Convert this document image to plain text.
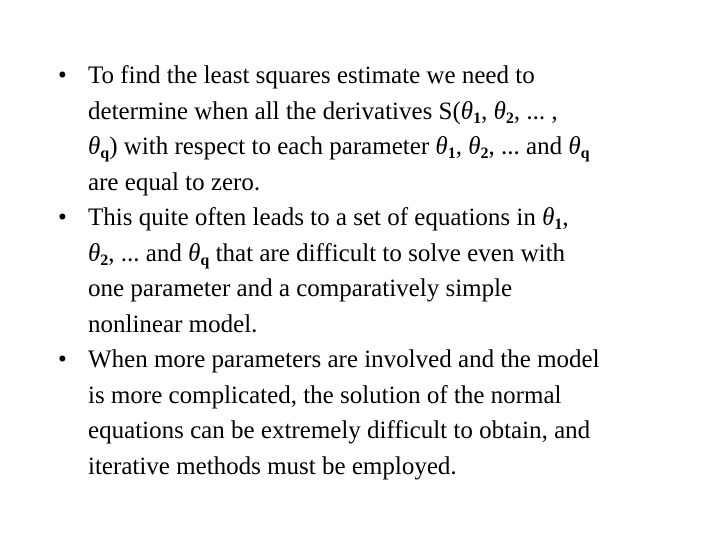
• To find the least squares estimate we need to
determine when all the derivatives $S(\theta_1$, $\theta_2$, ... ,
$\theta_q$) with respect to each parameter $\theta_1$, $\theta_2$, ... and $\theta_q$
are equal to zero.
• This quite often leads to a set of equations in $\theta_1$,
$\theta_2$, ... and $\theta_q$ that are difficult to solve even with
one parameter and a comparatively simple
nonlinear model.
• When more parameters are involved and the model
is more complicated, the solution of the normal
equations can be extremely difficult to obtain, and
iterative methods must be employed.
